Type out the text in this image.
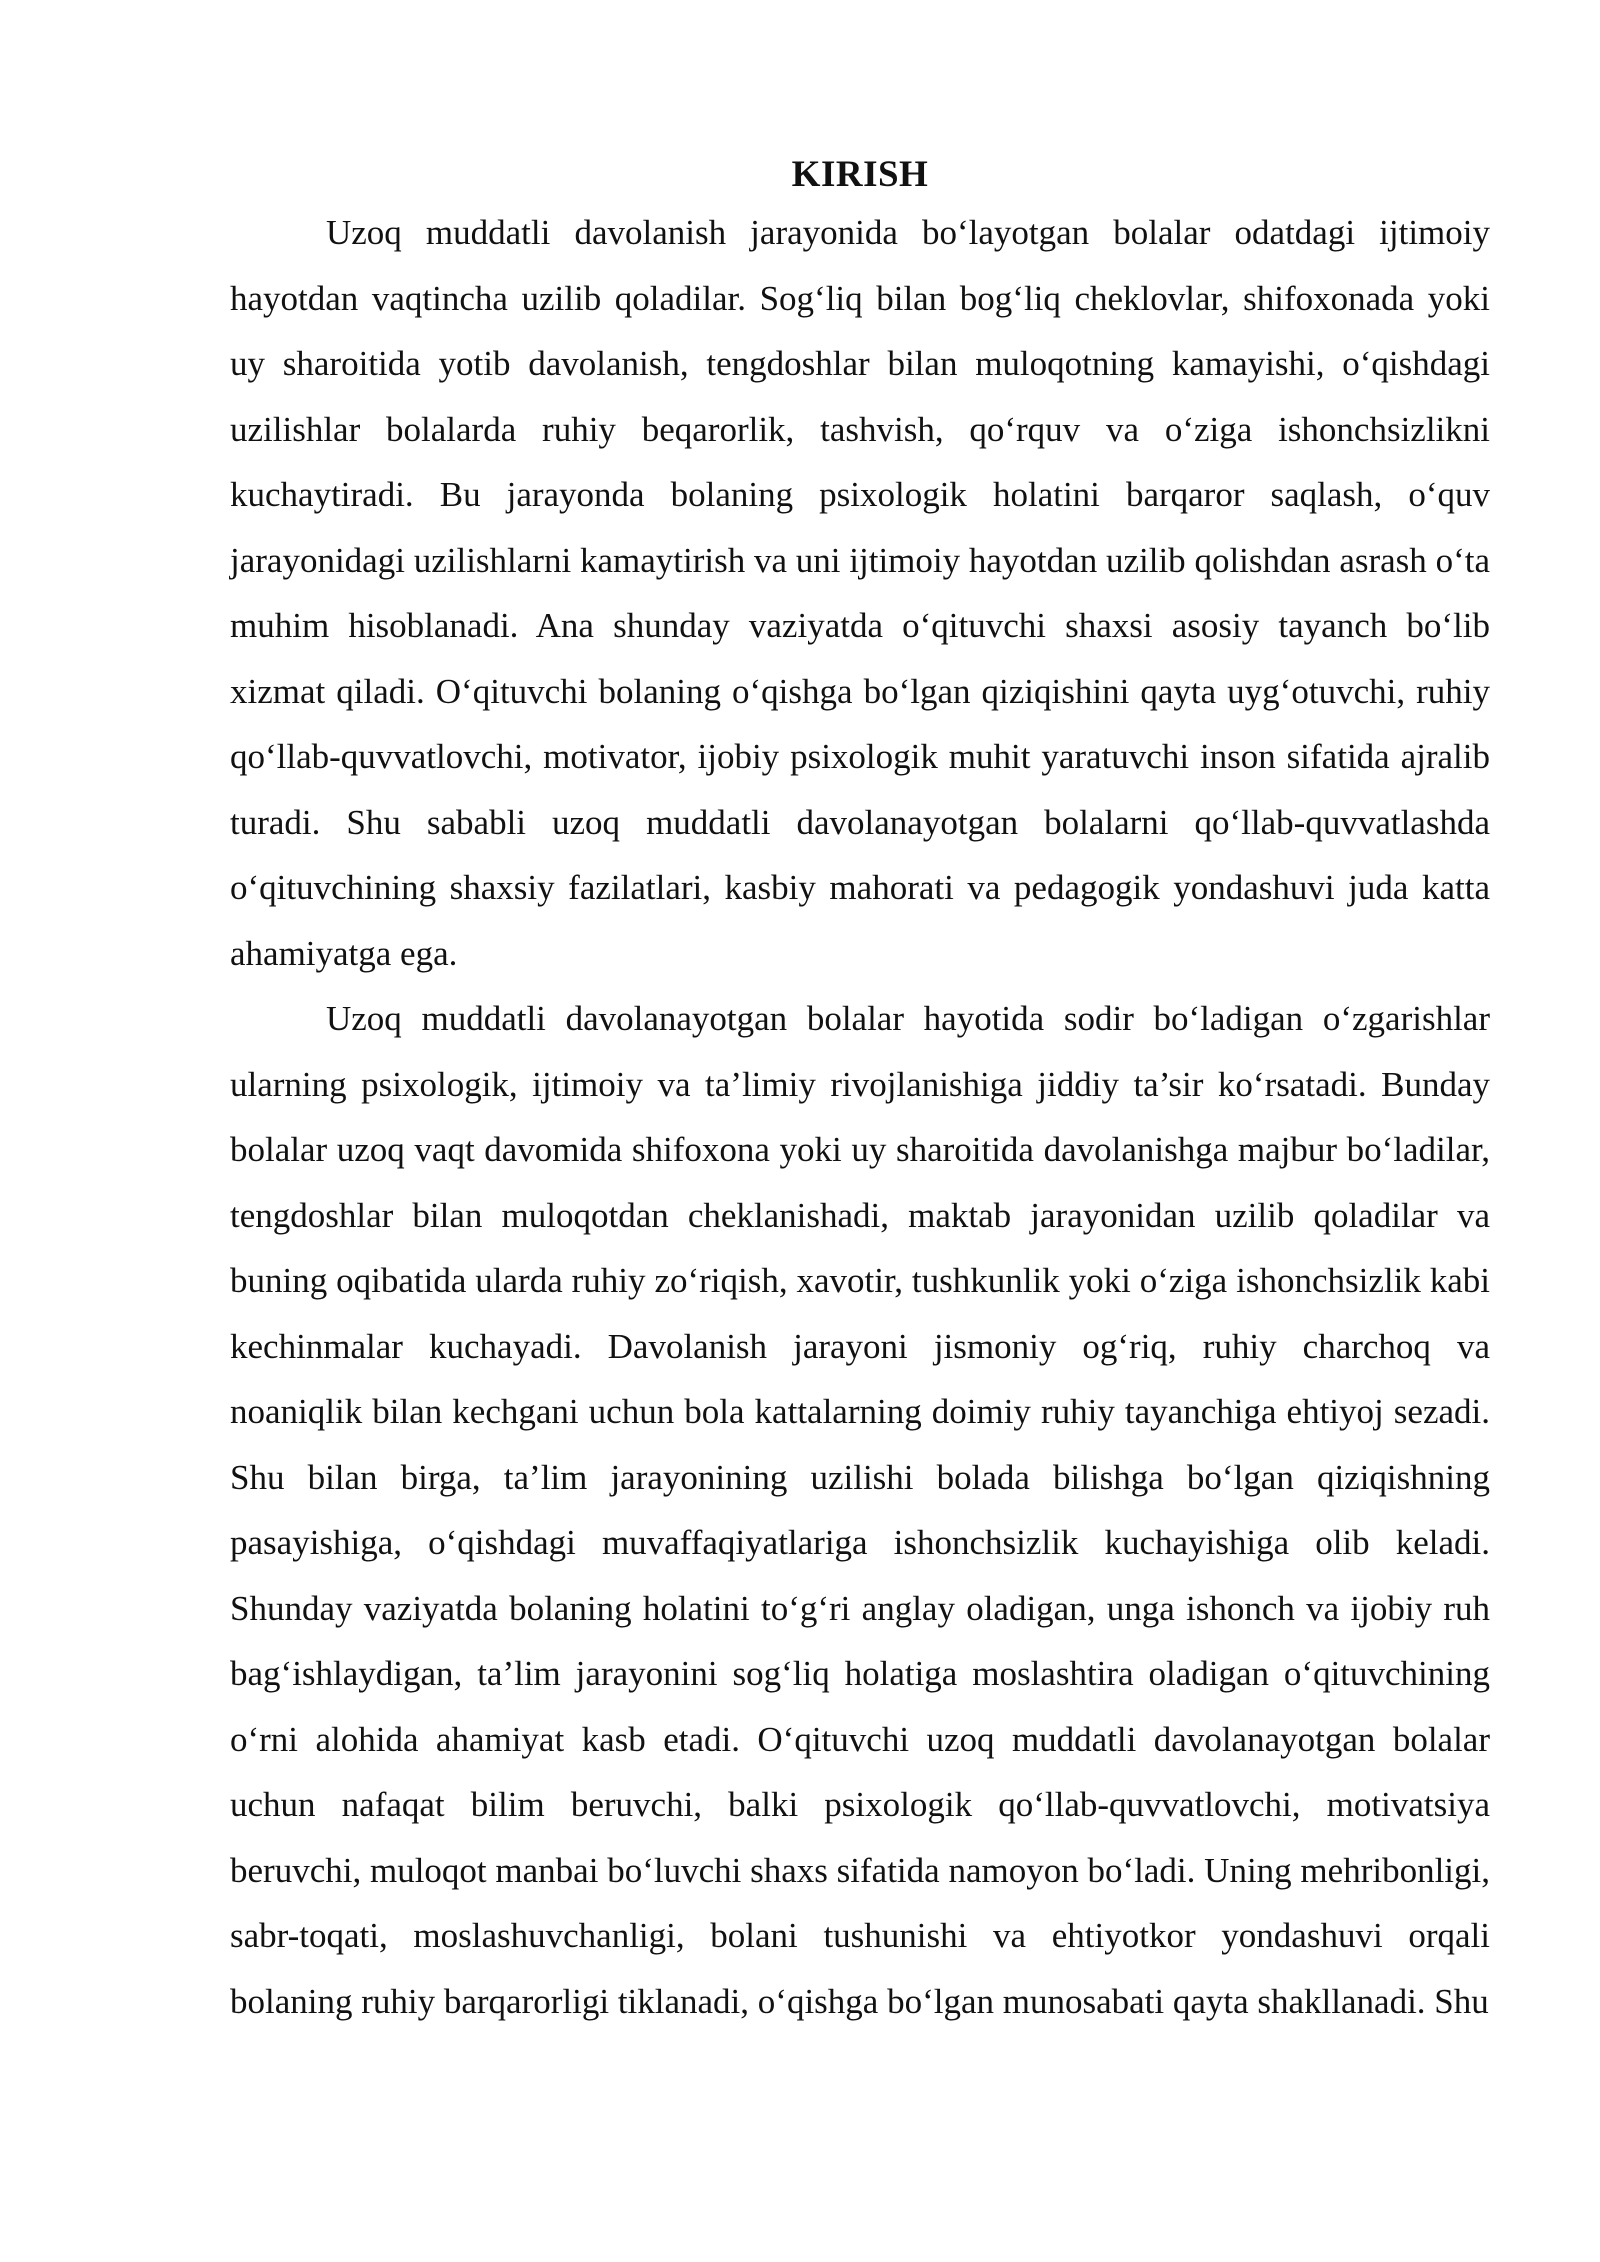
KIRISH

Uzoq muddatli davolanish jarayonida bo‘layotgan bolalar odatdagi ijtimoiy hayotdan vaqtincha uzilib qoladilar. Sog‘liq bilan bog‘liq cheklovlar, shifoxonada yoki uy sharoitida yotib davolanish, tengdoshlar bilan muloqotning kamayishi, o‘qishdagi uzilishlar bolalarda ruhiy beqarorlik, tashvish, qo‘rquv va o‘ziga ishonchsizlikni kuchaytiradi. Bu jarayonda bolaning psixologik holatini barqaror saqlash, o‘quv jarayonidagi uzilishlarni kamaytirish va uni ijtimoiy hayotdan uzilib qolishdan asrash o‘ta muhim hisoblanadi. Ana shunday vaziyatda o‘qituvchi shaxsi asosiy tayanch bo‘lib xizmat qiladi. O‘qituvchi bolaning o‘qishga bo‘lgan qiziqishini qayta uyg‘otuvchi, ruhiy qo‘llab-quvvatlovchi, motivator, ijobiy psixologik muhit yaratuvchi inson sifatida ajralib turadi. Shu sababli uzoq muddatli davolanayotgan bolalarni qo‘llab-quvvatlashda o‘qituvchining shaxsiy fazilatlari, kasbiy mahorati va pedagogik yondashuvi juda katta ahamiyatga ega.

Uzoq muddatli davolanayotgan bolalar hayotida sodir bo‘ladigan o‘zgarishlar ularning psixologik, ijtimoiy va ta’limiy rivojlanishiga jiddiy ta’sir ko‘rsatadi. Bunday bolalar uzoq vaqt davomida shifoxona yoki uy sharoitida davolanishga majbur bo‘ladilar, tengdoshlar bilan muloqotdan cheklanishadi, maktab jarayonidan uzilib qoladilar va buning oqibatida ularda ruhiy zo‘riqish, xavotir, tushkunlik yoki o‘ziga ishonchsizlik kabi kechinmalar kuchayadi. Davolanish jarayoni jismoniy og‘riq, ruhiy charchoq va noaniqlik bilan kechgani uchun bola kattalarning doimiy ruhiy tayanchiga ehtiyoj sezadi. Shu bilan birga, ta’lim jarayonining uzilishi bolada bilishga bo‘lgan qiziqishning pasayishiga, o‘qishdagi muvaffaqiyatlariga ishonchsizlik kuchayishiga olib keladi. Shunday vaziyatda bolaning holatini to‘g‘ri anglay oladigan, unga ishonch va ijobiy ruh bag‘ishlaydigan, ta’lim jarayonini sog‘liq holatiga moslashtira oladigan o‘qituvchining o‘rni alohida ahamiyat kasb etadi. O‘qituvchi uzoq muddatli davolanayotgan bolalar uchun nafaqat bilim beruvchi, balki psixologik qo‘llab-quvvatlovchi, motivatsiya beruvchi, muloqot manbai bo‘luvchi shaxs sifatida namoyon bo‘ladi. Uning mehribonligi, sabr-toqati, moslashuvchanligi, bolani tushunishi va ehtiyotkor yondashuvi orqali bolaning ruhiy barqarorligi tiklanadi, o‘qishga bo‘lgan munosabati qayta shakllanadi. Shu
